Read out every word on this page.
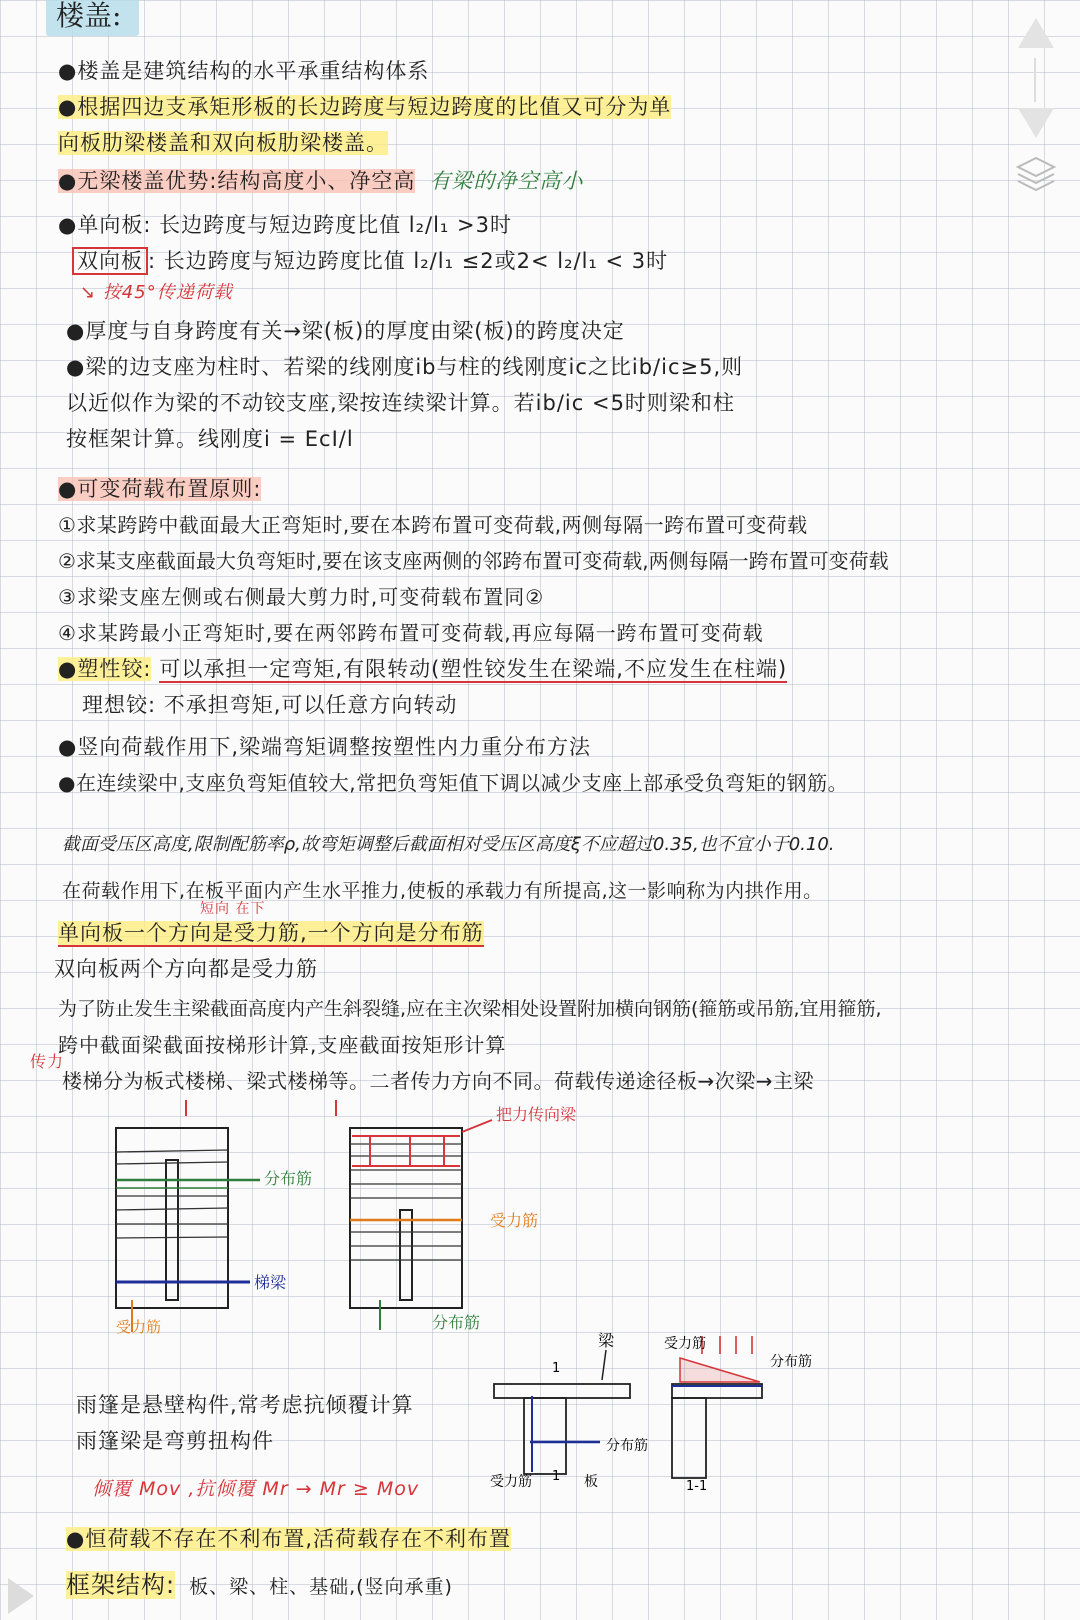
楼盖:

●楼盖是建筑结构的水平承重结构体系
●根据四边支承矩形板的长边跨度与短边跨度的比值又可分为单
向板肋梁楼盖和双向板肋梁楼盖。
●无梁楼盖优势:结构高度小、净空高 有梁的净空高小
●单向板: 长边跨度与短边跨度比值 l₂/l₁ >3时
双向板 : 长边跨度与短边跨度比值 l₂/l₁ ≤2或2< l₂/l₁ < 3时
↘ 按45°传递荷载
●厚度与自身跨度有关→梁(板)的厚度由梁(板)的跨度决定
●梁的边支座为柱时、若梁的线刚度ib与柱的线刚度ic之比ib/ic≥5,则
以近似作为梁的不动铰支座,梁按连续梁计算。若ib/ic <5时则梁和柱
按框架计算。线刚度i = EcI/l
●可变荷载布置原则:
①求某跨跨中截面最大正弯矩时,要在本跨布置可变荷载,两侧每隔一跨布置可变荷载
②求某支座截面最大负弯矩时,要在该支座两侧的邻跨布置可变荷载,两侧每隔一跨布置可变荷载
③求梁支座左侧或右侧最大剪力时,可变荷载布置同②
④求某跨最小正弯矩时,要在两邻跨布置可变荷载,再应每隔一跨布置可变荷载
●塑性铰: 可以承担一定弯矩,有限转动(塑性铰发生在梁端,不应发生在柱端)
理想铰: 不承担弯矩,可以任意方向转动
●竖向荷载作用下,梁端弯矩调整按塑性内力重分布方法
●在连续梁中,支座负弯矩值较大,常把负弯矩值下调以减少支座上部承受负弯矩的钢筋。
截面受压区高度,限制配筋率ρ,故弯矩调整后截面相对受压区高度ξ不应超过0.35,也不宜小于0.10.
在荷载作用下,在板平面内产生水平推力,使板的承载力有所提高,这一影响称为内拱作用。
短向 在下
单向板一个方向是受力筋,一个方向是分布筋
双向板两个方向都是受力筋
为了防止发生主梁截面高度内产生斜裂缝,应在主次梁相处设置附加横向钢筋(箍筋或吊筋,宜用箍筋,
跨中截面梁截面按梯形计算,支座截面按矩形计算
传力
楼梯分为板式楼梯、梁式楼梯等。二者传力方向不同。荷载传递途径板→次梁→主梁
分布筋
梯梁
受力筋
把力传向梁
受力筋
分布筋
梁
1
分布筋
受力筋 1 板
受力筋
分布筋
1-1
雨篷是悬壁构件,常考虑抗倾覆计算
雨篷梁是弯剪扭构件
倾覆 Mov ,抗倾覆 Mr → Mr ≥ Mov
●恒荷载不存在不利布置,活荷载存在不利布置
框架结构: 板、梁、柱、基础,(竖向承重)
